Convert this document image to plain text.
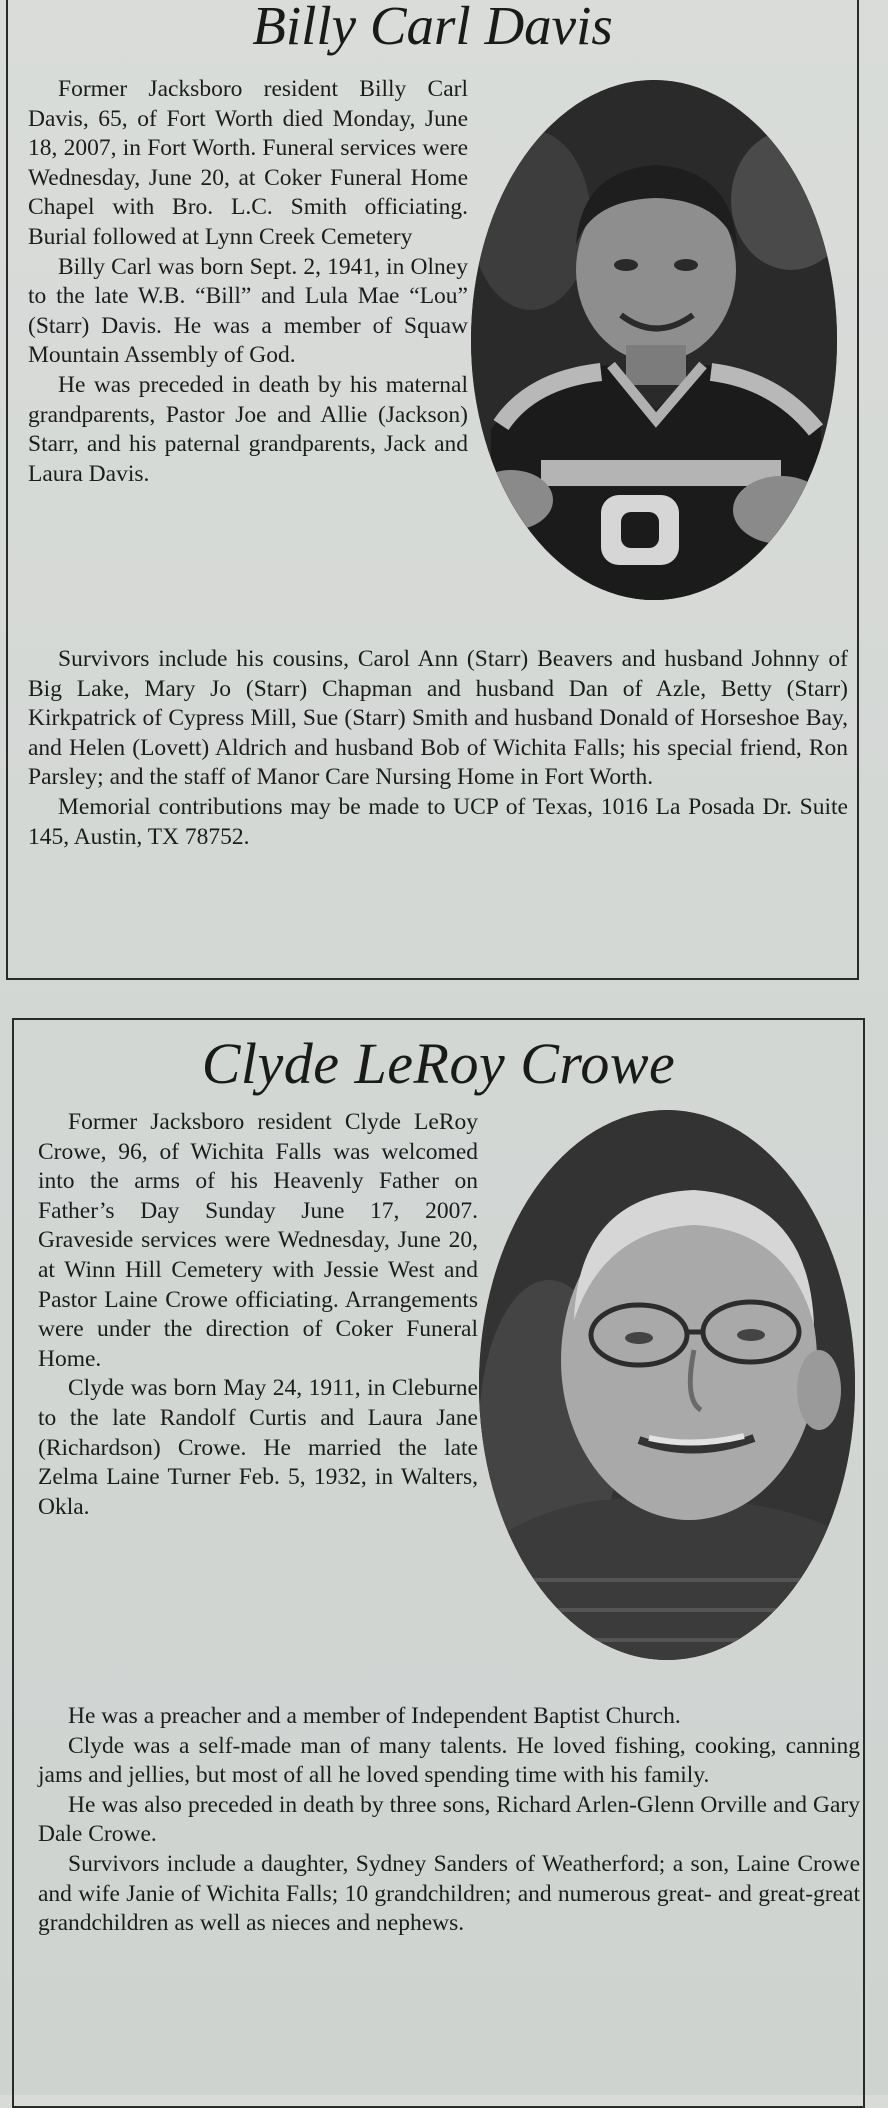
Billy Carl Davis

Former Jacksboro resident Billy Carl Davis, 65, of Fort Worth died Monday, June 18, 2007, in Fort Worth. Funeral services were Wednesday, June 20, at Coker Funeral Home Chapel with Bro. L.C. Smith officiating. Burial followed at Lynn Creek Cemetery

Billy Carl was born Sept. 2, 1941, in Olney to the late W.B. “Bill” and Lula Mae “Lou” (Starr) Davis. He was a member of Squaw Mountain Assembly of God.

He was preceded in death by his maternal grandparents, Pastor Joe and Allie (Jackson) Starr, and his paternal grandparents, Jack and Laura Davis.

Survivors include his cousins, Carol Ann (Starr) Beavers and husband Johnny of Big Lake, Mary Jo (Starr) Chapman and husband Dan of Azle, Betty (Starr) Kirkpatrick of Cypress Mill, Sue (Starr) Smith and husband Donald of Horseshoe Bay, and Helen (Lovett) Aldrich and husband Bob of Wichita Falls; his special friend, Ron Parsley; and the staff of Manor Care Nursing Home in Fort Worth.

Memorial contributions may be made to UCP of Texas, 1016 La Posada Dr. Suite 145, Austin, TX 78752.

Clyde LeRoy Crowe

Former Jacksboro resident Clyde LeRoy Crowe, 96, of Wichita Falls was welcomed into the arms of his Heavenly Father on Father’s Day Sunday June 17, 2007. Graveside services were Wednesday, June 20, at Winn Hill Cemetery with Jessie West and Pastor Laine Crowe officiating. Arrangements were under the direction of Coker Funeral Home.

Clyde was born May 24, 1911, in Cleburne to the late Randolf Curtis and Laura Jane (Richardson) Crowe. He married the late Zelma Laine Turner Feb. 5, 1932, in Walters, Okla.

He was a preacher and a member of Independent Baptist Church.

Clyde was a self-made man of many talents. He loved fishing, cooking, canning jams and jellies, but most of all he loved spending time with his family.

He was also preceded in death by three sons, Richard Arlen-Glenn Orville and Gary Dale Crowe.

Survivors include a daughter, Sydney Sanders of Weatherford; a son, Laine Crowe and wife Janie of Wichita Falls; 10 grandchildren; and numerous great- and great-great grandchildren as well as nieces and nephews.
